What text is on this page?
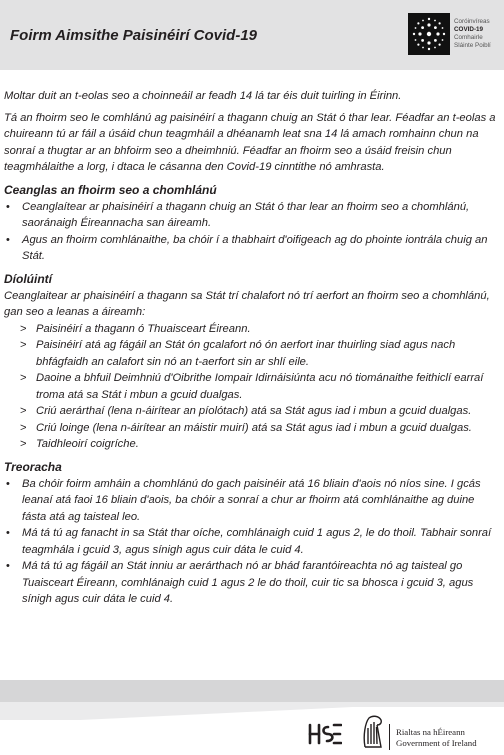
Foirm Aimsithe Paisinéirí Covid-19
Coróinvíreas
COVID-19
Comhairle
Sláinte Poiblí

Moltar duit an t-eolas seo a choinneáil ar feadh 14 lá tar éis duit tuirling in Éirinn.

Tá an fhoirm seo le comhlánú ag paisinéirí a thagann chuig an Stát ó thar lear. Féadfar an t-eolas a chuireann tú ar fáil a úsáid chun teagmháil a dhéanamh leat sna 14 lá amach romhainn chun na sonraí a thugtar ar an bhfoirm seo a dheimhniú. Féadfar an fhoirm seo a úsáid freisin chun teagmhálaithe a lorg, i dtaca le cásanna den Covid-19 cinntithe nó amhrasta.

Ceanglas an fhoirm seo a chomhlánú
• Ceanglaítear ar phaisinéirí a thagann chuig an Stát ó thar lear an fhoirm seo a chomhlánú, saoránaigh Éireannacha san áireamh.
• Agus an fhoirm comhlánaithe, ba chóir í a thabhairt d'oifigeach ag do phointe iontrála chuig an Stát.
Díolúintí

Ceanglaitear ar phaisinéirí a thagann sa Stát trí chalafort nó trí aerfort an fhoirm seo a chomhlánú, gan seo a leanas a áireamh:

> Paisinéirí a thagann ó Thuaisceart Éireann.
> Paisinéirí atá ag fágáil an Stát ón gcalafort nó ón aerfort inar thuirling siad agus nach bhfágfaidh an calafort sin nó an t-aerfort sin ar shlí eile.
> Daoine a bhfuil Deimhniú d'Oibrithe Iompair Idirnáisiúnta acu nó tiománaithe feithiclí earraí troma atá sa Stát i mbun a gcuid dualgas.
> Criú aerárthaí (lena n-áirítear an píolótach) atá sa Stát agus iad i mbun a gcuid dualgas.
> Criú loinge (lena n-áirítear an máistir muirí) atá sa Stát agus iad i mbun a gcuid dualgas.
> Taidhleoirí coigríche.
Treoracha
• Ba chóir foirm amháin a chomhlánú do gach paisinéir atá 16 bliain d'aois nó níos sine. I gcás leanaí atá faoi 16 bliain d'aois, ba chóir a sonraí a chur ar fhoirm atá comhlánaithe ag duine fásta atá ag taisteal leo.
• Má tá tú ag fanacht in sa Stát thar oíche, comhlánaigh cuid 1 agus 2, le do thoil. Tabhair sonraí teagmhála i gcuid 3, agus sínigh agus cuir dáta le cuid 4.
• Má tá tú ag fágáil an Stát inniu ar aerárthach nó ar bhád farantóireachta nó ag taisteal go Tuaisceart Éireann, comhlánaigh cuid 1 agus 2 le do thoil, cuir tic sa bhosca i gcuid 3, agus sínigh agus cuir dáta le cuid 4.
Rialtas na hÉireann
Government of Ireland
